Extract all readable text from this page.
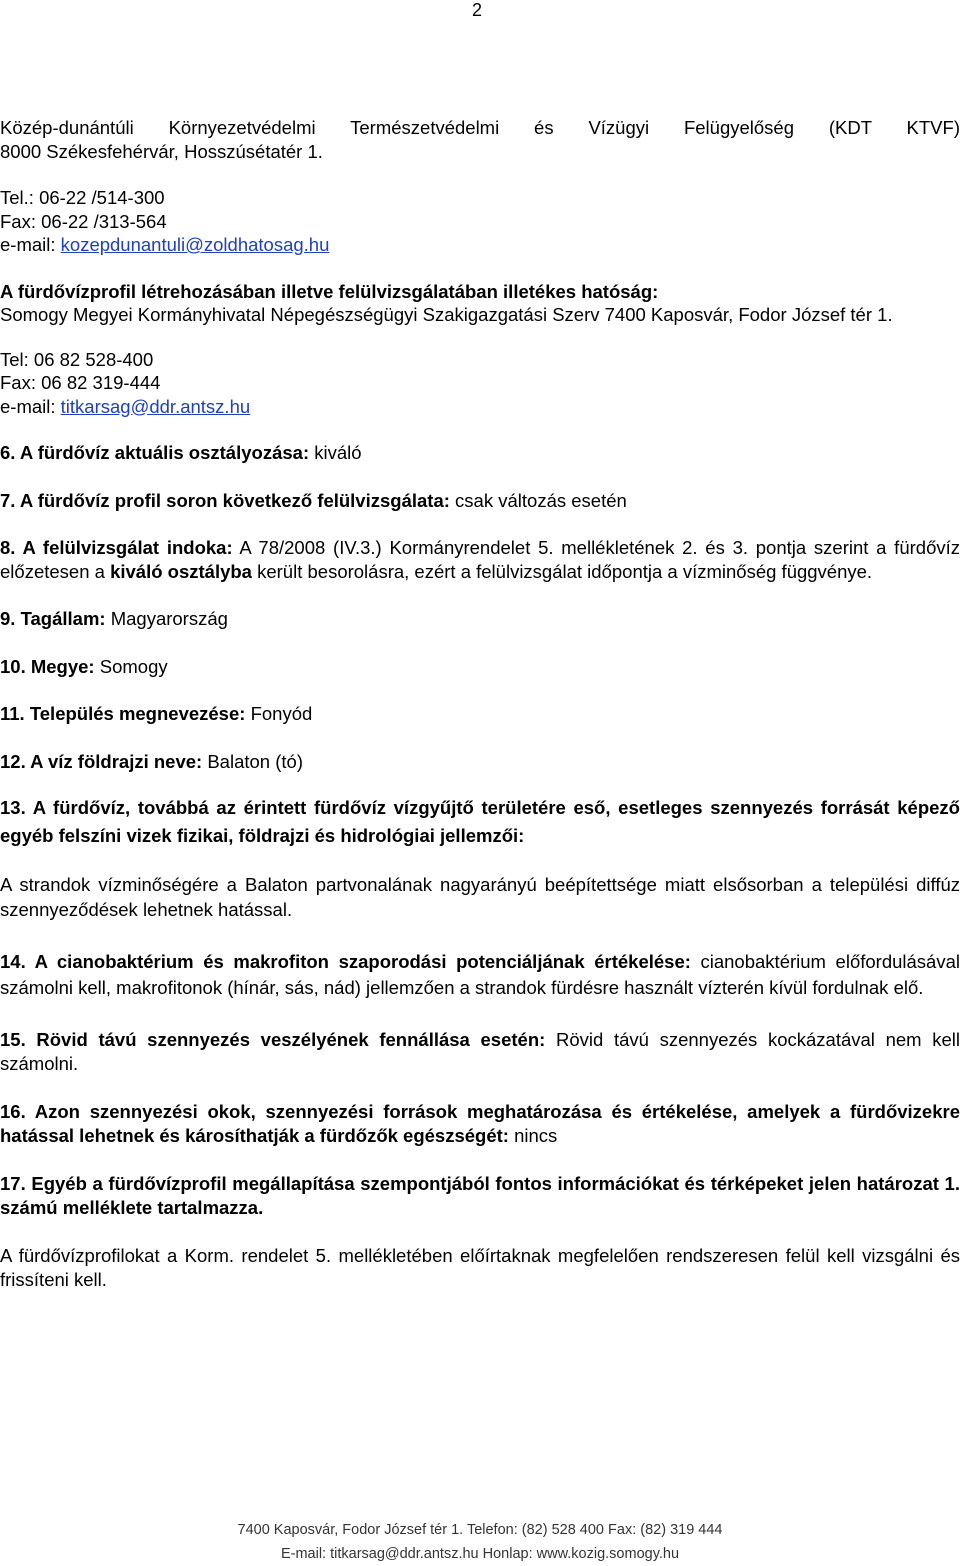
2
Közép-dunántúli Környezetvédelmi Természetvédelmi és Vízügyi Felügyelőség (KDT KTVF)
8000 Székesfehérvár, Hosszúsétatér 1.
Tel.: 06-22 /514-300
Fax: 06-22 /313-564
e-mail: kozepdunantuli@zoldhatosag.hu
A fürdővízprofil létrehozásában illetve felülvizsgálatában illetékes hatóság:
Somogy Megyei Kormányhivatal Népegészségügyi Szakigazgatási Szerv 7400 Kaposvár, Fodor József tér 1.
Tel: 06 82 528-400
Fax: 06 82 319-444
e-mail: titkarsag@ddr.antsz.hu
6. A fürdővíz aktuális osztályozása: kiváló
7. A fürdővíz profil soron következő felülvizsgálata: csak változás esetén
8. A felülvizsgálat indoka: A 78/2008 (IV.3.) Kormányrendelet 5. mellékletének 2. és 3. pontja szerint a fürdővíz előzetesen a kiváló osztályba került besorolásra, ezért a felülvizsgálat időpontja a vízminőség függvénye.
9. Tagállam: Magyarország
10. Megye: Somogy
11. Település megnevezése: Fonyód
12. A víz földrajzi neve: Balaton (tó)
13. A fürdővíz, továbbá az érintett fürdővíz vízgyűjtő területére eső, esetleges szennyezés forrását képező egyéb felszíni vizek fizikai, földrajzi és hidrológiai jellemzői:
A strandok vízminőségére a Balaton partvonalának nagyarányú beépítettsége miatt elsősorban a települési diffúz szennyeződések lehetnek hatással.
14. A cianobaktérium és makrofiton szaporodási potenciáljának értékelése: cianobaktérium előfordulásával számolni kell, makrofitonok (hínár, sás, nád) jellemzően a strandok fürdésre használt vízterén kívül fordulnak elő.
15. Rövid távú szennyezés veszélyének fennállása esetén: Rövid távú szennyezés kockázatával nem kell számolni.
16. Azon szennyezési okok, szennyezési források meghatározása és értékelése, amelyek a fürdővizekre hatással lehetnek és károsíthatják a fürdőzők egészségét: nincs
17. Egyéb a fürdővízprofil megállapítása szempontjából fontos információkat és térképeket jelen határozat 1. számú melléklete tartalmazza.
A fürdővízprofilokat a Korm. rendelet 5. mellékletében előírtaknak megfelelően rendszeresen felül kell vizsgálni és frissíteni kell.
7400 Kaposvár, Fodor József tér 1. Telefon: (82) 528 400 Fax: (82) 319 444
E-mail: titkarsag@ddr.antsz.hu Honlap: www.kozig.somogy.hu
